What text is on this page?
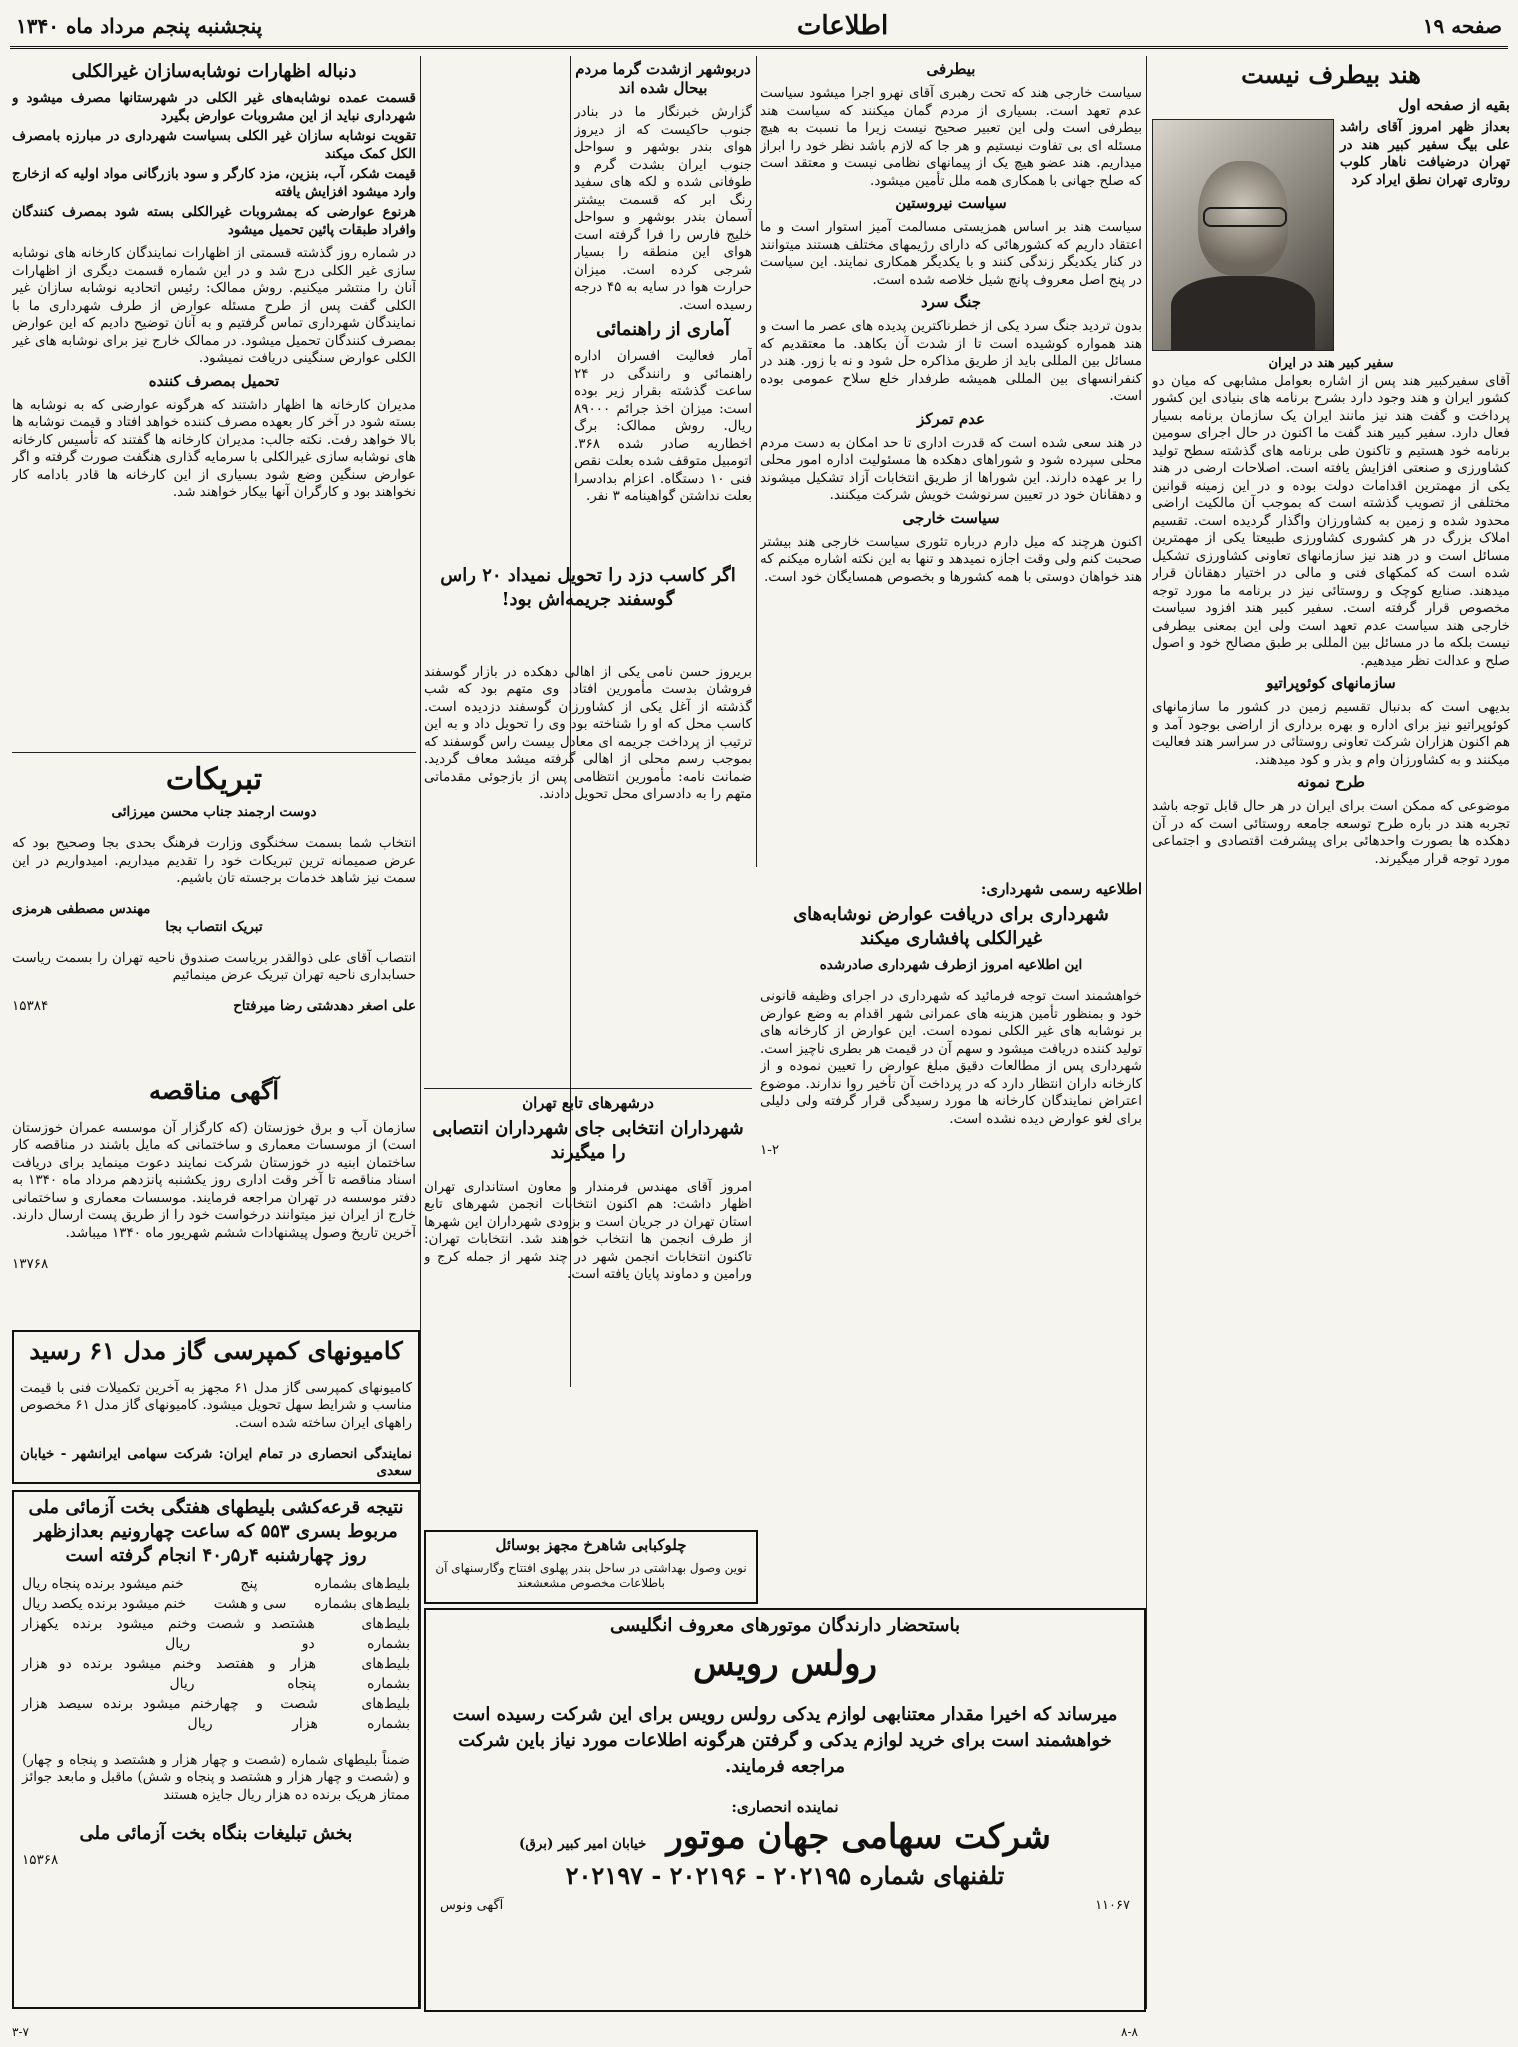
صفحه ۱۹
اطلاعات
پنجشنبه پنجم مرداد ماه ۱۳۴۰
هند بیطرف نیست
بقیه از صفحه اول
بعداز ظهر امروز آقای راشد علی بیگ سفیر کبیر هند در تهران درضیافت ناهار کلوب روتاری تهران نطق ایراد کرد
سفیر کبیر هند در ایران

آقای سفیرکبیر هند پس از اشاره بعوامل مشابهی که میان دو کشور ایران و هند وجود دارد بشرح برنامه های بنیادی این کشور پرداخت و گفت هند نیز مانند ایران یک سازمان برنامه بسیار فعال دارد. سفیر کبیر هند گفت ما اکنون در حال اجرای سومین برنامه خود هستیم و تاکنون طی برنامه های گذشته سطح تولید کشاورزی و صنعتی افزایش یافته است. اصلاحات ارضی در هند یکی از مهمترین اقدامات دولت بوده و در این زمینه قوانین مختلفی از تصویب گذشته است که بموجب آن مالکیت اراضی محدود شده و زمین به کشاورزان واگذار گردیده است. تقسیم املاک بزرگ در هر کشوری کشاورزی طبیعتا یکی از مهمترین مسائل است و در هند نیز سازمانهای تعاونی کشاورزی تشکیل شده است که کمکهای فنی و مالی در اختیار دهقانان قرار میدهند. صنایع کوچک و روستائی نیز در برنامه ما مورد توجه مخصوص قرار گرفته است. سفیر کبیر هند افزود سیاست خارجی هند سیاست عدم تعهد است ولی این بمعنی بیطرفی نیست بلکه ما در مسائل بین المللی بر طبق مصالح خود و اصول صلح و عدالت نظر میدهیم.

سازمانهای کوئوپراتیو

بدیهی است که بدنبال تقسیم زمین در کشور ما سازمانهای کوئوپراتیو نیز برای اداره و بهره برداری از اراضی بوجود آمد و هم اکنون هزاران شرکت تعاونی روستائی در سراسر هند فعالیت میکنند و به کشاورزان وام و بذر و کود میدهند.

طرح نمونه

موضوعی که ممکن است برای ایران در هر حال قابل توجه باشد تجربه هند در باره طرح توسعه جامعه روستائی است که در آن دهکده ها بصورت واحدهائی برای پیشرفت اقتصادی و اجتماعی مورد توجه قرار میگیرند.

بیطرفی

سیاست خارجی هند که تحت رهبری آقای نهرو اجرا میشود سیاست عدم تعهد است. بسیاری از مردم گمان میکنند که سیاست هند بیطرفی است ولی این تعبیر صحیح نیست زیرا ما نسبت به هیچ مسئله ای بی تفاوت نیستیم و هر جا که لازم باشد نظر خود را ابراز میداریم. هند عضو هیچ یک از پیمانهای نظامی نیست و معتقد است که صلح جهانی با همکاری همه ملل تأمین میشود.

سیاست نیروستین

سیاست هند بر اساس همزیستی مسالمت آمیز استوار است و ما اعتقاد داریم که کشورهائی که دارای رژیمهای مختلف هستند میتوانند در کنار یکدیگر زندگی کنند و با یکدیگر همکاری نمایند. این سیاست در پنج اصل معروف پانچ شیل خلاصه شده است.

جنگ سرد

بدون تردید جنگ سرد یکی از خطرناکترین پدیده های عصر ما است و هند همواره کوشیده است تا از شدت آن بکاهد. ما معتقدیم که مسائل بین المللی باید از طریق مذاکره حل شود و نه با زور. هند در کنفرانسهای بین المللی همیشه طرفدار خلع سلاح عمومی بوده است.

عدم تمرکز

در هند سعی شده است که قدرت اداری تا حد امکان به دست مردم محلی سپرده شود و شوراهای دهکده ها مسئولیت اداره امور محلی را بر عهده دارند. این شوراها از طریق انتخابات آزاد تشکیل میشوند و دهقانان خود در تعیین سرنوشت خویش شرکت میکنند.

سیاست خارجی

اکنون هرچند که میل دارم درباره تئوری سیاست خارجی هند بیشتر صحبت کنم ولی وقت اجازه نمیدهد و تنها به این نکته اشاره میکنم که هند خواهان دوستی با همه کشورها و بخصوص همسایگان خود است.

دربوشهر ازشدت گرما مردم بیحال شده اند

گزارش خبرنگار ما در بنادر جنوب حاکیست که از دیروز هوای بندر بوشهر و سواحل جنوب ایران بشدت گرم و طوفانی شده و لکه های سفید رنگ ابر که قسمت بیشتر آسمان بندر بوشهر و سواحل خلیج فارس را فرا گرفته است هوای این منطقه را بسیار شرجی کرده است. میزان حرارت هوا در سایه به ۴۵ درجه رسیده است.

آماری از راهنمائی

آمار فعالیت افسران اداره راهنمائی و رانندگی در ۲۴ ساعت گذشته بقرار زیر بوده است: میزان اخذ جرائم ۸۹۰۰۰ ریال. روش ممالک: برگ اخطاریه صادر شده ۳۶۸. اتومبیل متوقف شده بعلت نقص فنی ۱۰ دستگاه. اعزام بدادسرا بعلت نداشتن گواهینامه ۳ نفر.

اگر کاسب دزد را تحویل نمیداد ۲۰ راس گوسفند جریمه‌اش بود!

بریروز حسن نامی یکی از اهالی دهکده در بازار گوسفند فروشان بدست مأمورین افتاد. وی متهم بود که شب گذشته از آغل یکی از کشاورزان گوسفند دزدیده است. کاسب محل که او را شناخته بود وی را تحویل داد و به این ترتیب از پرداخت جریمه ای معادل بیست راس گوسفند که بموجب رسم محلی از اهالی گرفته میشد معاف گردید. ضمانت نامه: مأمورین انتظامی پس از بازجوئی مقدماتی متهم را به دادسرای محل تحویل دادند.

درشهرهای تابع تهران
شهرداران انتخابی جای شهرداران انتصابی را میگیرند

امروز آقای مهندس فرمندار و معاون استانداری تهران اظهار داشت: هم اکنون انتخابات انجمن شهرهای تابع استان تهران در جریان است و بزودی شهرداران این شهرها از طرف انجمن ها انتخاب خواهند شد. انتخابات تهران: تاکنون انتخابات انجمن شهر در چند شهر از جمله کرج و ورامین و دماوند پایان یافته است.

دنباله اظهارات نوشابه‌سازان غیرالکلی
قسمت عمده نوشابه‌های غیر الکلی در شهرستانها مصرف میشود و شهرداری نباید از این مشروبات عوارض بگیرد
تقویت نوشابه سازان غیر الکلی بسیاست شهرداری در مبارزه بامصرف الکل کمک میکند
قیمت شکر، آب، بنزین، مزد کارگر و سود بازرگانی مواد اولیه که ازخارج وارد میشود افزایش یافته
هرنوع عوارضی که بمشروبات غیرالکلی بسته شود بمصرف کنندگان وافراد طبقات پائین تحمیل میشود

در شماره روز گذشته قسمتی از اظهارات نمایندگان کارخانه های نوشابه سازی غیر الکلی درج شد و در این شماره قسمت دیگری از اظهارات آنان را منتشر میکنیم. روش ممالک: رئیس اتحادیه نوشابه سازان غیر الکلی گفت پس از طرح مسئله عوارض از طرف شهرداری ما با نمایندگان شهرداری تماس گرفتیم و به آنان توضیح دادیم که این عوارض بمصرف کنندگان تحمیل میشود. در ممالک خارج نیز برای نوشابه های غیر الکلی عوارض سنگینی دریافت نمیشود.

تحمیل بمصرف کننده

مدیران کارخانه ها اظهار داشتند که هرگونه عوارضی که به نوشابه ها بسته شود در آخر کار بعهده مصرف کننده خواهد افتاد و قیمت نوشابه ها بالا خواهد رفت. نکته جالب: مدیران کارخانه ها گفتند که تأسیس کارخانه های نوشابه سازی غیرالکلی با سرمایه گذاری هنگفت صورت گرفته و اگر عوارض سنگین وضع شود بسیاری از این کارخانه ها قادر بادامه کار نخواهند بود و کارگران آنها بیکار خواهند شد.

تبریکات
دوست ارجمند جناب محسن میرزائی

انتخاب شما بسمت سخنگوی وزارت فرهنگ بحدی بجا وصحیح بود که عرض صمیمانه ترین تبریکات خود را تقدیم میداریم. امیدواریم در این سمت نیز شاهد خدمات برجسته تان باشیم.

مهندس مصطفی هرمزی
تبریک انتصاب بجا

انتصاب آقای علی ذوالقدر بریاست صندوق ناحیه تهران را بسمت ریاست حسابداری ناحیه تهران تبریک عرض مینمائیم

علی اصغر دهدشتی رضا میرفتاح
۱۵۳۸۴
آگهی مناقصه

سازمان آب و برق خوزستان (که کارگزار آن موسسه عمران خوزستان است) از موسسات معماری و ساختمانی که مایل باشند در مناقصه کار ساختمان ابنیه در خوزستان شرکت نمایند دعوت مینماید برای دریافت اسناد مناقصه تا آخر وقت اداری روز یکشنبه پانزدهم مرداد ماه ۱۳۴۰ به دفتر موسسه در تهران مراجعه فرمایند. موسسات معماری و ساختمانی خارج از ایران نیز میتوانند درخواست خود را از طریق پست ارسال دارند. آخرین تاریخ وصول پیشنهادات ششم شهریور ماه ۱۳۴۰ میباشد.

۱۳۷۶۸
کامیونهای کمپرسی گاز مدل ۶۱ رسید

کامیونهای کمپرسی گاز مدل ۶۱ مجهز به آخرین تکمیلات فنی با قیمت مناسب و شرایط سهل تحویل میشود. کامیونهای گاز مدل ۶۱ مخصوص راههای ایران ساخته شده است.

نمایندگی انحصاری در تمام ایران: شرکت سهامی ایرانشهر - خیابان سعدی

نتیجه قرعه‌کشی بلیطهای هفتگی بخت آزمائی ملی مربوط بسری ۵۵۳ که ساعت چهارونیم بعدازظهر روز چهارشنبه ۴ر۵ر۴۰ انجام گرفته است
بلیط‌های بشماره
پنج
خنم میشود برنده پنجاه ریال
بلیط‌های بشماره
سی و هشت
خنم میشود برنده یکصد ریال
بلیط‌های بشماره
هشتصد و شصت و دو
خنم میشود برنده یکهزار ریال
بلیط‌های بشماره
هزار و هفتصد و پنجاه
خنم میشود برنده دو هزار ریال
بلیط‌های بشماره
شصت و چهار هزار
خنم میشود برنده سیصد هزار ریال

ضمناً بلیطهای شماره (شصت و چهار هزار و هشتصد و پنجاه و چهار) و (شصت و چهار هزار و هشتصد و پنجاه و شش) ماقبل و مابعد جوائز ممتاز هریک برنده ده هزار ریال جایزه هستند

بخش تبلیغات بنگاه بخت آزمائی ملی
۱۵۳۶۸
اطلاعیه رسمی شهرداری:
شهرداری برای دریافت عوارض نوشابه‌های غیرالکلی پافشاری میکند
این اطلاعیه امروز ازطرف شهرداری صادرشده

خواهشمند است توجه فرمائید که شهرداری در اجرای وظیفه قانونی خود و بمنظور تأمین هزینه های عمرانی شهر اقدام به وضع عوارض بر نوشابه های غیر الکلی نموده است. این عوارض از کارخانه های تولید کننده دریافت میشود و سهم آن در قیمت هر بطری ناچیز است. شهرداری پس از مطالعات دقیق مبلغ عوارض را تعیین نموده و از کارخانه داران انتظار دارد که در پرداخت آن تأخیر روا ندارند. موضوع اعتراض نمایندگان کارخانه ها مورد رسیدگی قرار گرفته ولی دلیلی برای لغو عوارض دیده نشده است.

۱-۲
چلوکبابی شاهرخ مجهز بوسائل
نوین وصول بهداشتی در ساحل بندر پهلوی افتتاح وگارسنهای آن باطلاعات مخصوص مشعشعند
باستحضار دارندگان موتورهای معروف انگلیسی
رولس رویس

میرساند که اخیرا مقدار معتنابهی لوازم یدکی رولس رویس برای این شرکت رسیده است خواهشمند است برای خرید لوازم یدکی و گرفتن هرگونه اطلاعات مورد نیاز باین شرکت مراجعه فرمایند.

نماینده انحصاری:
شرکت سهامی جهان موتور
خیابان امیر کبیر (برق)
تلفنهای شماره ۲۰۲۱۹۵ - ۲۰۲۱۹۶ - ۲۰۲۱۹۷
۱۱۰۶۷
آگهی ونوس
۳-۷	۸-۸
